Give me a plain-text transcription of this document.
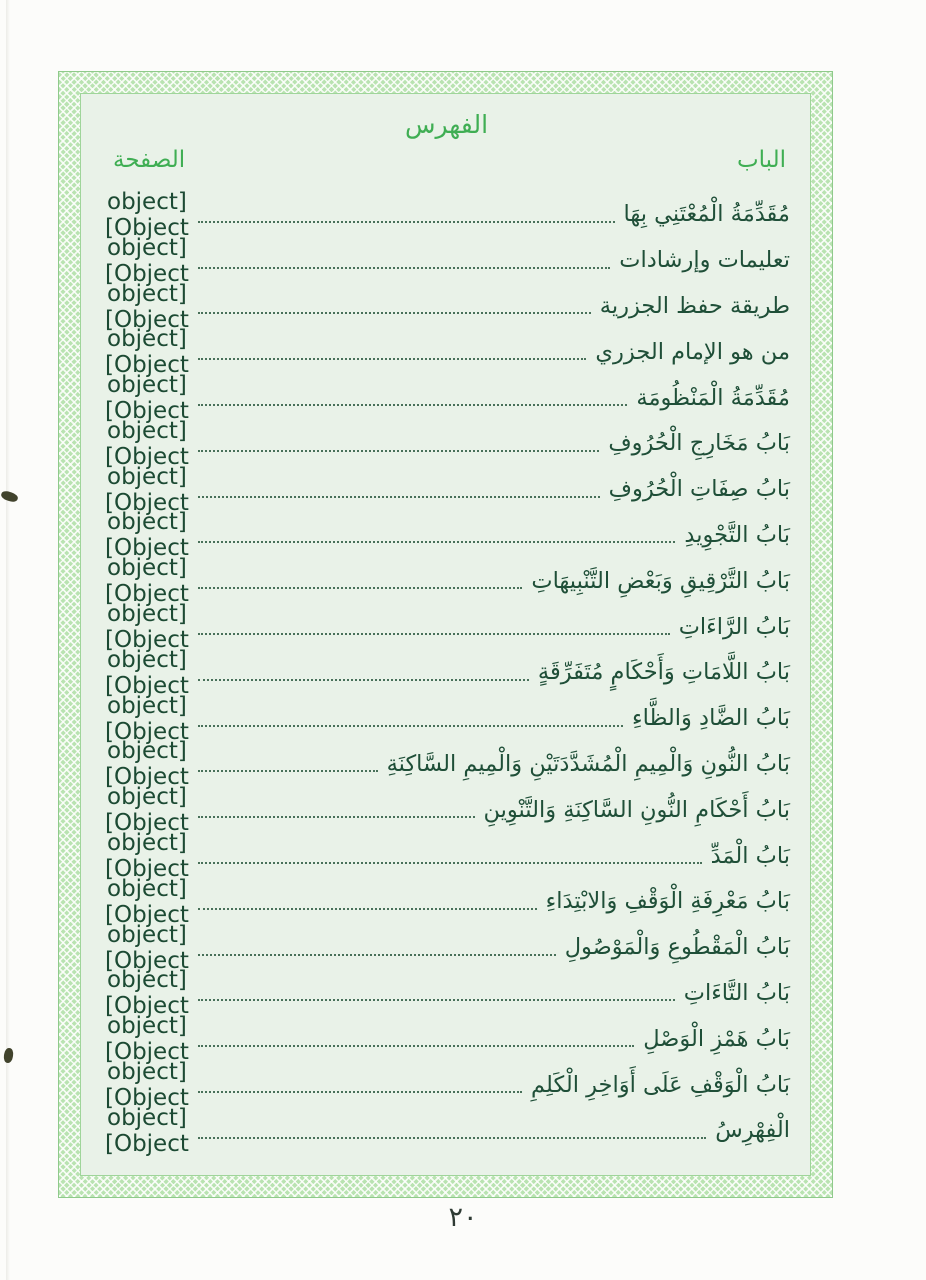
الفهرس
الباب
الصفحة
مُقَدِّمَةُ الْمُعْتَنِي بِهَا
[object Object]
تعليمات وإرشادات
[object Object]
طريقة حفظ الجزرية
[object Object]
من هو الإمام الجزري
[object Object]
مُقَدِّمَةُ الْمَنْظُومَة
[object Object]
بَابُ مَخَارِجِ الْحُرُوفِ
[object Object]
بَابُ صِفَاتِ الْحُرُوفِ
[object Object]
بَابُ التَّجْوِيدِ
[object Object]
بَابُ التَّرْقِيقِ وَبَعْضِ التَّنْبِيهَاتِ
[object Object]
بَابُ الرَّاءَاتِ
[object Object]
بَابُ اللَّامَاتِ وَأَحْكَامٍ مُتَفَرِّقَةٍ
[object Object]
بَابُ الضَّادِ وَالظَّاءِ
[object Object]
بَابُ النُّونِ وَالْمِيمِ الْمُشَدَّدَتَيْنِ وَالْمِيمِ السَّاكِنَةِ
[object Object]
بَابُ أَحْكَامِ النُّونِ السَّاكِنَةِ وَالتَّنْوِينِ
[object Object]
بَابُ الْمَدِّ
[object Object]
بَابُ مَعْرِفَةِ الْوَقْفِ وَالابْتِدَاءِ
[object Object]
بَابُ الْمَقْطُوعِ وَالْمَوْصُولِ
[object Object]
بَابُ التَّاءَاتِ
[object Object]
بَابُ هَمْزِ الْوَصْلِ
[object Object]
بَابُ الْوَقْفِ عَلَى أَوَاخِرِ الْكَلِمِ
[object Object]
الْفِهْرِسُ
[object Object]
٢٠
